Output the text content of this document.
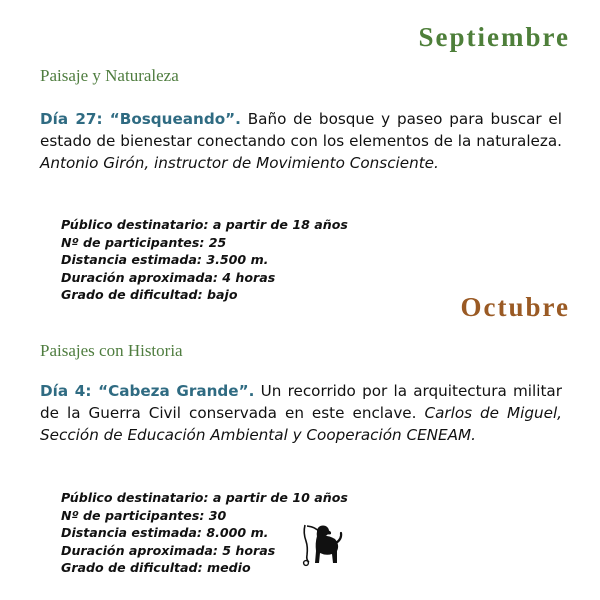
Septiembre
Paisaje y Naturaleza

Día 27: “Bosqueando”. Baño de bosque y paseo para buscar el estado de bienestar conectando con los elementos de la naturaleza. Antonio Girón, instructor de Movimiento Consciente.

Público destinatario: a partir de 18 años
Nº de participantes: 25
Distancia estimada: 3.500 m.
Duración aproximada: 4 horas
Grado de dificultad: bajo	Octubre
Paisajes con Historia

Día 4: “Cabeza Grande”. Un recorrido por la arquitectura militar de la Guerra Civil conservada en este enclave. Carlos de Miguel, Sección de Educación Ambiental y Cooperación CENEAM.

Público destinatario: a partir de 10 años
Nº de participantes: 30
Distancia estimada: 8.000 m.
Duración aproximada: 5 horas
Grado de dificultad: medio
